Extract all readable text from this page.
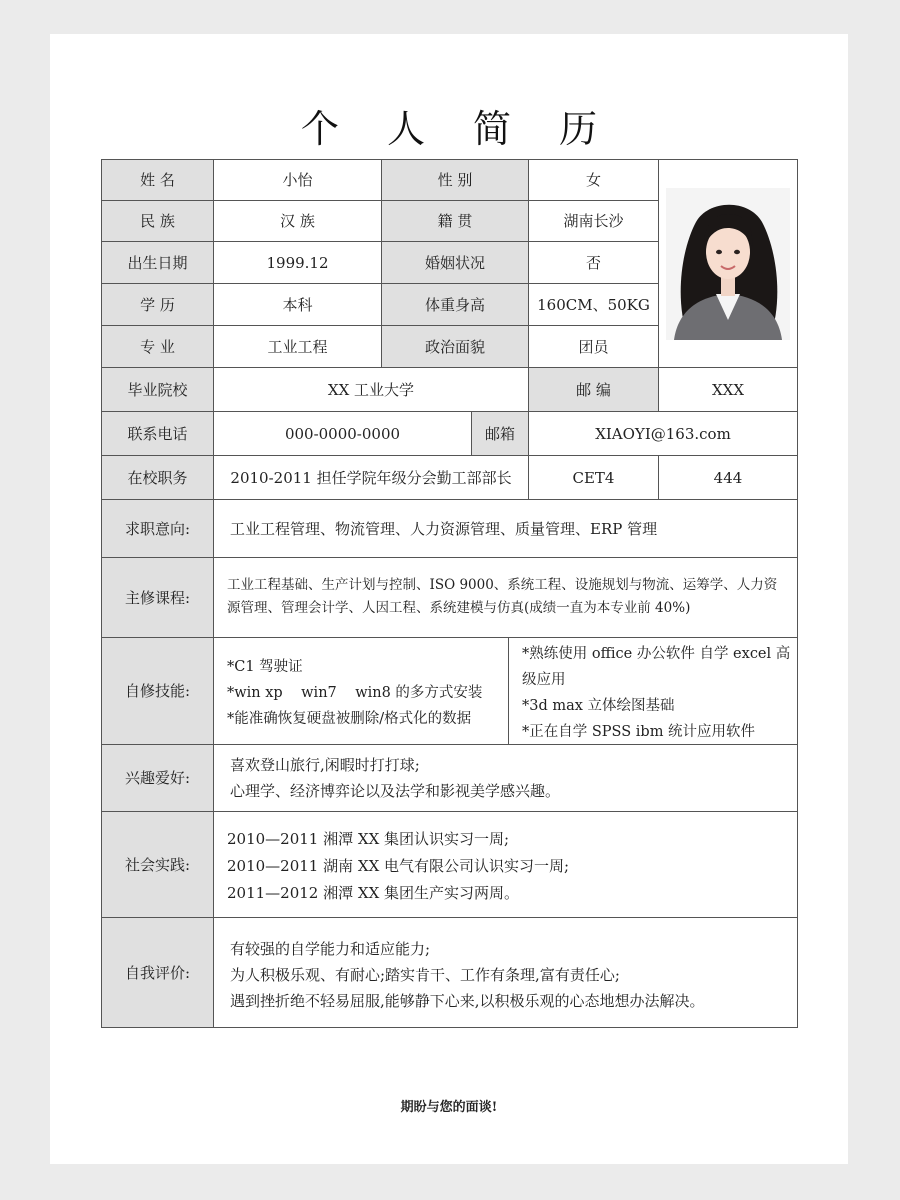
个 人 简 历
姓 名	小怡	性 别	女
民 族	汉 族	籍 贯	湖南长沙
出生日期	1999.12	婚姻状况	否
学 历	本科	体重身高	160CM、50KG
专 业	工业工程	政治面貌	团员
毕业院校	XX 工业大学	邮 编	XXX
联系电话	000-0000-0000	邮箱	XIAOYI@163.com
在校职务	2010-2011 担任学院年级分会勤工部部长	CET4	444
求职意向:	工业工程管理、物流管理、人力资源管理、质量管理、ERP 管理
主修课程:
工业工程基础、生产计划与控制、ISO 9000、系统工程、设施规划与物流、运筹学、人力资源管理、管理会计学、人因工程、系统建模与仿真(成绩一直为本专业前 40%)
自修技能:

*C1 驾驶证

*win xp    win7    win8 的多方式安装

*能准确恢复硬盘被删除/格式化的数据

*熟练使用 office 办公软件 自学 excel 高级应用

*3d max 立体绘图基础

*正在自学 SPSS ibm 统计应用软件

兴趣爱好:

喜欢登山旅行,闲暇时打打球;

心理学、经济博弈论以及法学和影视美学感兴趣。

社会实践:

2010—2011 湘潭 XX 集团认识实习一周;

2010—2011 湖南 XX 电气有限公司认识实习一周;

2011—2012 湘潭 XX 集团生产实习两周。

自我评价:

有较强的自学能力和适应能力;

为人积极乐观、有耐心;踏实肯干、工作有条理,富有责任心;

遇到挫折绝不轻易屈服,能够静下心来,以积极乐观的心态地想办法解决。

期盼与您的面谈!
